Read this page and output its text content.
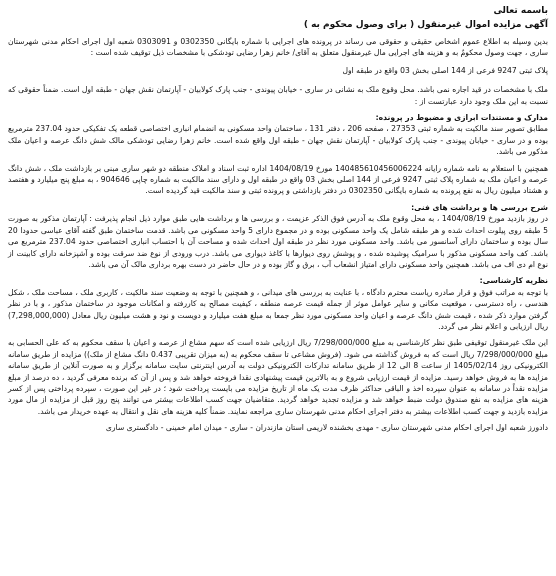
باسمه تعالی
آگهی مزایده اموال غیرمنقول ( برای وصول محکوم به )

بدین وسیله به اطلاع عموم اشخاص حقیقی و حقوقی می رساند در پرونده های اجرایی با شماره بایگانی 0302350 و 0303091 شعبه اول اجرای احکام مدنی شهرستان ساری ، جهت وصول محکومٌ به و هزینه های اجرایی مال غیرمنقول متعلق به آقای/ خانم زهرا رضایی تودشکی با مشخصات ذیل توقیف شده است :

پلاک ثبتی 9247 فرعی از 144 اصلی بخش 03 واقع در طبقه اول

ملک با مشخصات در قید اجاره نمی باشد. محل وقوع ملک به نشانی در ساری - خیابان پیوندی - جنب پارک کولابیان - آپارتمان نقش جهان - طبقه اول است. ضمناً حقوقی که نسبت به این ملک وجود دارد عبارتست از :

مدارک و مستندات ابرازی و مضبوط در پرونده:

مطابق تصویر سند مالکیت به شماره ثبتی 27353 ، صفحه 206 ، دفتر 131 ، ساختمان واحد مسکونی به انضمام انباری اختصاصی قطعه یک تفکیکی حدود 237.04 مترمربع بوده و در ساری - خیابان پیوندی - جنب پارک کولابیان - آپارتمان نقش جهان - طبقه اول واقع شده است. خانم زهرا رضایی تودشکی مالک شش دانگ عرصه و اعیان ملک مذکور می باشد.

همچنین با استعلام به نامه شماره رایانه 140485610456006224 مورخ 1404/08/19 اداره ثبت اسناد و املاک منطقه دو شهر ساری مبنی بر بازداشت ملک ، شش دانگ عرصه و اعیان ملک به شماره پلاک ثبتی 9247 فرعی از 144 اصلی بخش 03 واقع در طبقه اول و دارای سند مالکیت به شماره چاپی 904646 ، به مبلغ پنج میلیارد و هفتصد و هشتاد میلیون ریال به نفع پرونده به شماره بایگانی 0302350 در دفتر بازداشتی و پرونده ثبتی و سند مالکیت قید گردیده است.

شرح بررسی ها و برداشت های فنی:

در روز بازدید مورخ 1404/08/19 ، به محل وقوع ملک به آدرس فوق الذکر عزیمت ، و بررسی ها و برداشت هایی طبق موارد ذیل انجام پذیرفت : آپارتمان مذکور به صورت 5 طبقه روی پیلوت احداث شده و هر طبقه شامل یک واحد مسکونی بوده و در مجموع دارای 5 واحد مسکونی می باشد. قدمت ساختمان طبق گفته آقای عباسی حدودا 20 سال بوده و ساختمان دارای آسانسور می باشد. واحد مسکونی مورد نظر در طبقه اول احداث شده و مساحت آن با احتساب انباری اختصاصی حدود 237.04 مترمربع می باشد. کف واحد مسکونی مذکور با سرامیک پوشیده شده ، و پوشش روی دیوارها با کاغذ دیواری می باشد. درب ورودی از نوع ضد سرقت بوده و آشپزخانه دارای کابینت از نوع ام دی اف می باشد. همچنین واحد مسکونی دارای امتیاز انشعاب آب ، برق و گاز بوده و در حال حاضر در دست بهره برداری مالک آن می باشد.

نظریه کارشناسی:

با توجه به مراتب فوق و قرار صادره ریاست محترم دادگاه ، با عنایت به بررسی های میدانی ، و همچنین با توجه به وضعیت سند مالکیت ، کاربری ملک ، مساحت ملک ، شکل هندسی ، راه دسترسی ، موقعیت مکانی و سایر عوامل موثر از جمله قیمت عرصه منطقه ، کیفیت مصالح به کاررفته و امکانات موجود در ساختمان مذکور ، و با در نظر گرفتن موارد ذکر شده ، قیمت شش دانگ عرصه و اعیان واحد مسکونی مورد نظر جمعا به مبلغ هفت میلیارد و دویست و نود و هشت میلیون ریال معادل (7,298,000,000) ریال ارزیابی و اعلام نظر می گردد.

این ملک غیرمنقول توقیفی طبق نظر کارشناسی به مبلغ 7/298/000/000 ریال ارزیابی شده است که سهم مشاع از عرصه و اعیان با سقف محکوم به که علی الحسابی به مبلغ 7/298/000/000 ریال است که به فروش گذاشته می شود. (فروش مشاعی تا سقف محکوم به (به میزان تقریبی 0.437 دانگ مشاع از ملک)) مزایده از طریق سامانه الکترونیکی روز 1405/02/14 از ساعت 8 الی 12 از طریق سامانه تدارکات الکترونیکی دولت به آدرس اینترنتی سایت سامانه برگزار و به صورت آنلاین از طریق سامانه مزایده ها به فروش خواهد رسید. مزایده از قیمت ارزیابی شروع و به بالاترین قیمت پیشنهادی نقدا فروخته خواهد شد و پس از آن که برنده معرفی گردید ، ده درصد از مبلغ مزایده نقداً در سامانه به عنوان سپرده اخذ و الباقی حداکثر ظرف مدت یک ماه از تاریخ مزایده می بایست پرداخت شود ؛ در غیر این صورت ، سپرده پرداختی پس از کسر هزینه های مزایده به نفع صندوق دولت ضبط خواهد شد و مزایده تجدید خواهد گردید. متقاضیان جهت کسب اطلاعات بیشتر می توانند پنج روز قبل از مزایده از مال مورد مزایده بازدید و جهت کسب اطلاعات بیشتر به دفتر اجرای احکام مدنی شهرستان ساری مراجعه نمایند. ضمناً کلیه هزینه های نقل و انتقال به عهده خریدار می باشد.

دادورز شعبه اول اجرای احکام مدنی شهرستان ساری - مهدی بخشنده لاریمی استان مازندران - ساری - میدان امام خمینی - دادگستری ساری
